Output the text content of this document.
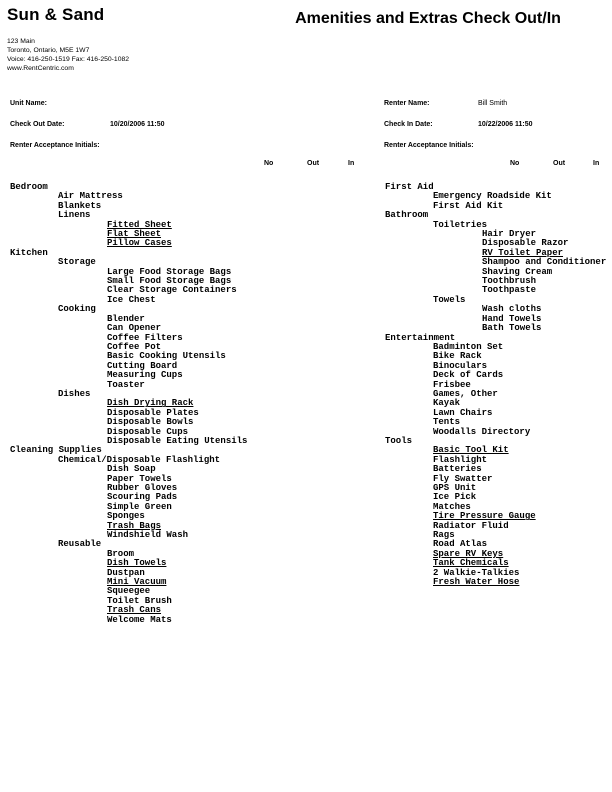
Sun & Sand
123 Main
Toronto, Ontario, M5E 1W7
Voice: 416-250-1519 Fax: 416-250-1082
www.RentCentric.com
Amenities and Extras Check Out/In
Unit Name:	Renter Name:	Bill Smith
Check Out Date:	10/20/2006 11:50	Check In Date:	10/22/2006 11:50
Renter Acceptance Initials:	Renter Acceptance Initials:
No	Out	In	No	Out	In
Bedroom
Air Mattress
Blankets
Linens
Fitted Sheet
Flat Sheet
Pillow Cases
Kitchen
Storage
Large Food Storage Bags
Small Food Storage Bags
Clear Storage Containers
Ice Chest
Cooking
Blender
Can Opener
Coffee Filters
Coffee Pot
Basic Cooking Utensils
Cutting Board
Measuring Cups
Toaster
Dishes
Dish Drying Rack
Disposable Plates
Disposable Bowls
Disposable Cups
Disposable Eating Utensils
Cleaning Supplies
Chemical/Disposable Flashlight
Dish Soap
Paper Towels
Rubber Gloves
Scouring Pads
Simple Green
Sponges
Trash Bags
Windshield Wash
Reusable
Broom
Dish Towels
Dustpan
Mini Vacuum
Squeegee
Toilet Brush
Trash Cans
Welcome Mats
First Aid
Emergency Roadside Kit
First Aid Kit
Bathroom
Toiletries
Hair Dryer
Disposable Razor
RV Toilet Paper
Shampoo and Conditioner
Shaving Cream
Toothbrush
Toothpaste
Towels
Wash cloths
Hand Towels
Bath Towels
Entertainment
Badminton Set
Bike Rack
Binoculars
Deck of Cards
Frisbee
Games, Other
Kayak
Lawn Chairs
Tents
Woodalls Directory
Tools
Basic Tool Kit
Flashlight
Batteries
Fly Swatter
GPS Unit
Ice Pick
Matches
Tire Pressure Gauge
Radiator Fluid
Rags
Road Atlas
Spare RV Keys
Tank Chemicals
2 Walkie-Talkies
Fresh Water Hose
